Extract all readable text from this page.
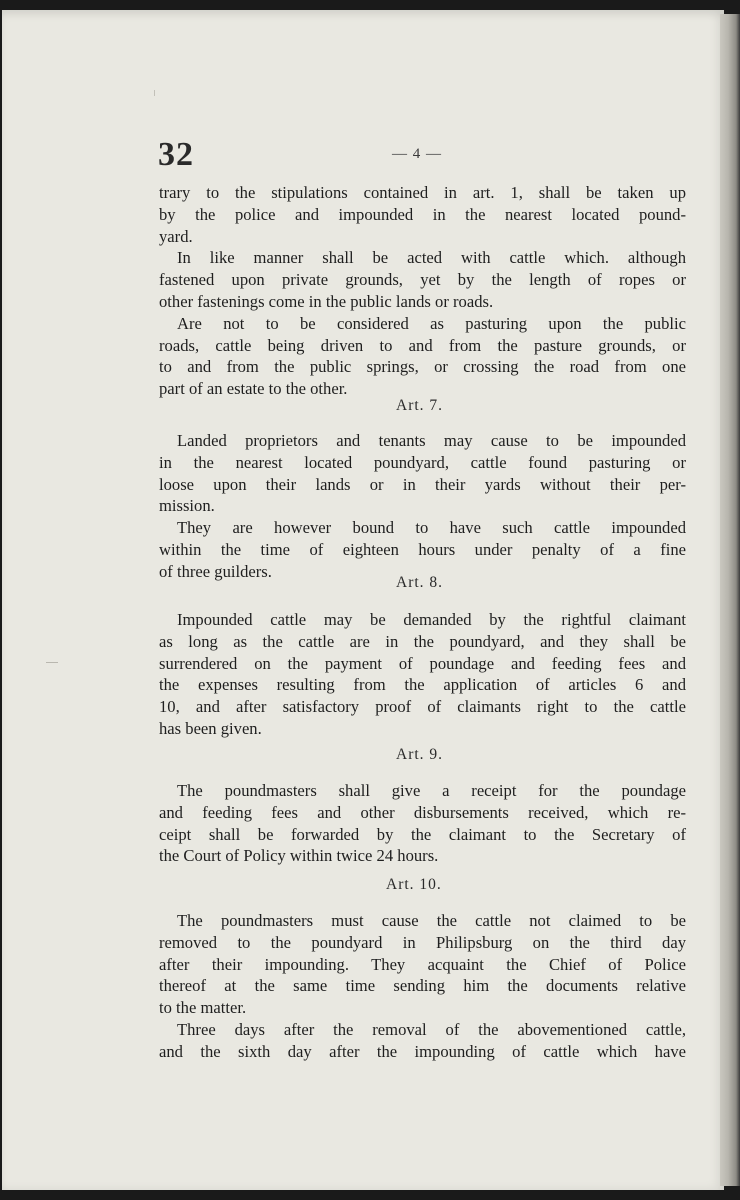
32	— 4 —
trary to the stipulations contained in art. 1, shall be taken up
by the police and impounded in the nearest located pound-
yard.
In like manner shall be acted with cattle which. although
fastened upon private grounds, yet by the length of ropes or
other fastenings come in the public lands or roads.
Are not to be considered as pasturing upon the public
roads, cattle being driven to and from the pasture grounds, or
to and from the public springs, or crossing the road from one
part of an estate to the other.
Art. 7.
Landed proprietors and tenants may cause to be impounded
in the nearest located poundyard, cattle found pasturing or
loose upon their lands or in their yards without their per-
mission.
They are however bound to have such cattle impounded
within the time of eighteen hours under penalty of a fine
of three guilders.
Art. 8.
Impounded cattle may be demanded by the rightful claimant
as long as the cattle are in the poundyard, and they shall be
surrendered on the payment of poundage and feeding fees and
the expenses resulting from the application of articles 6 and
10, and after satisfactory proof of claimants right to the cattle
has been given.
Art. 9.
The poundmasters shall give a receipt for the poundage
and feeding fees and other disbursements received, which re-
ceipt shall be forwarded by the claimant to the Secretary of
the Court of Policy within twice 24 hours.
Art. 10.
The poundmasters must cause the cattle not claimed to be
removed to the poundyard in Philipsburg on the third day
after their impounding. They acquaint the Chief of Police
thereof at the same time sending him the documents relative
to the matter.
Three days after the removal of the abovementioned cattle,
and the sixth day after the impounding of cattle which have
